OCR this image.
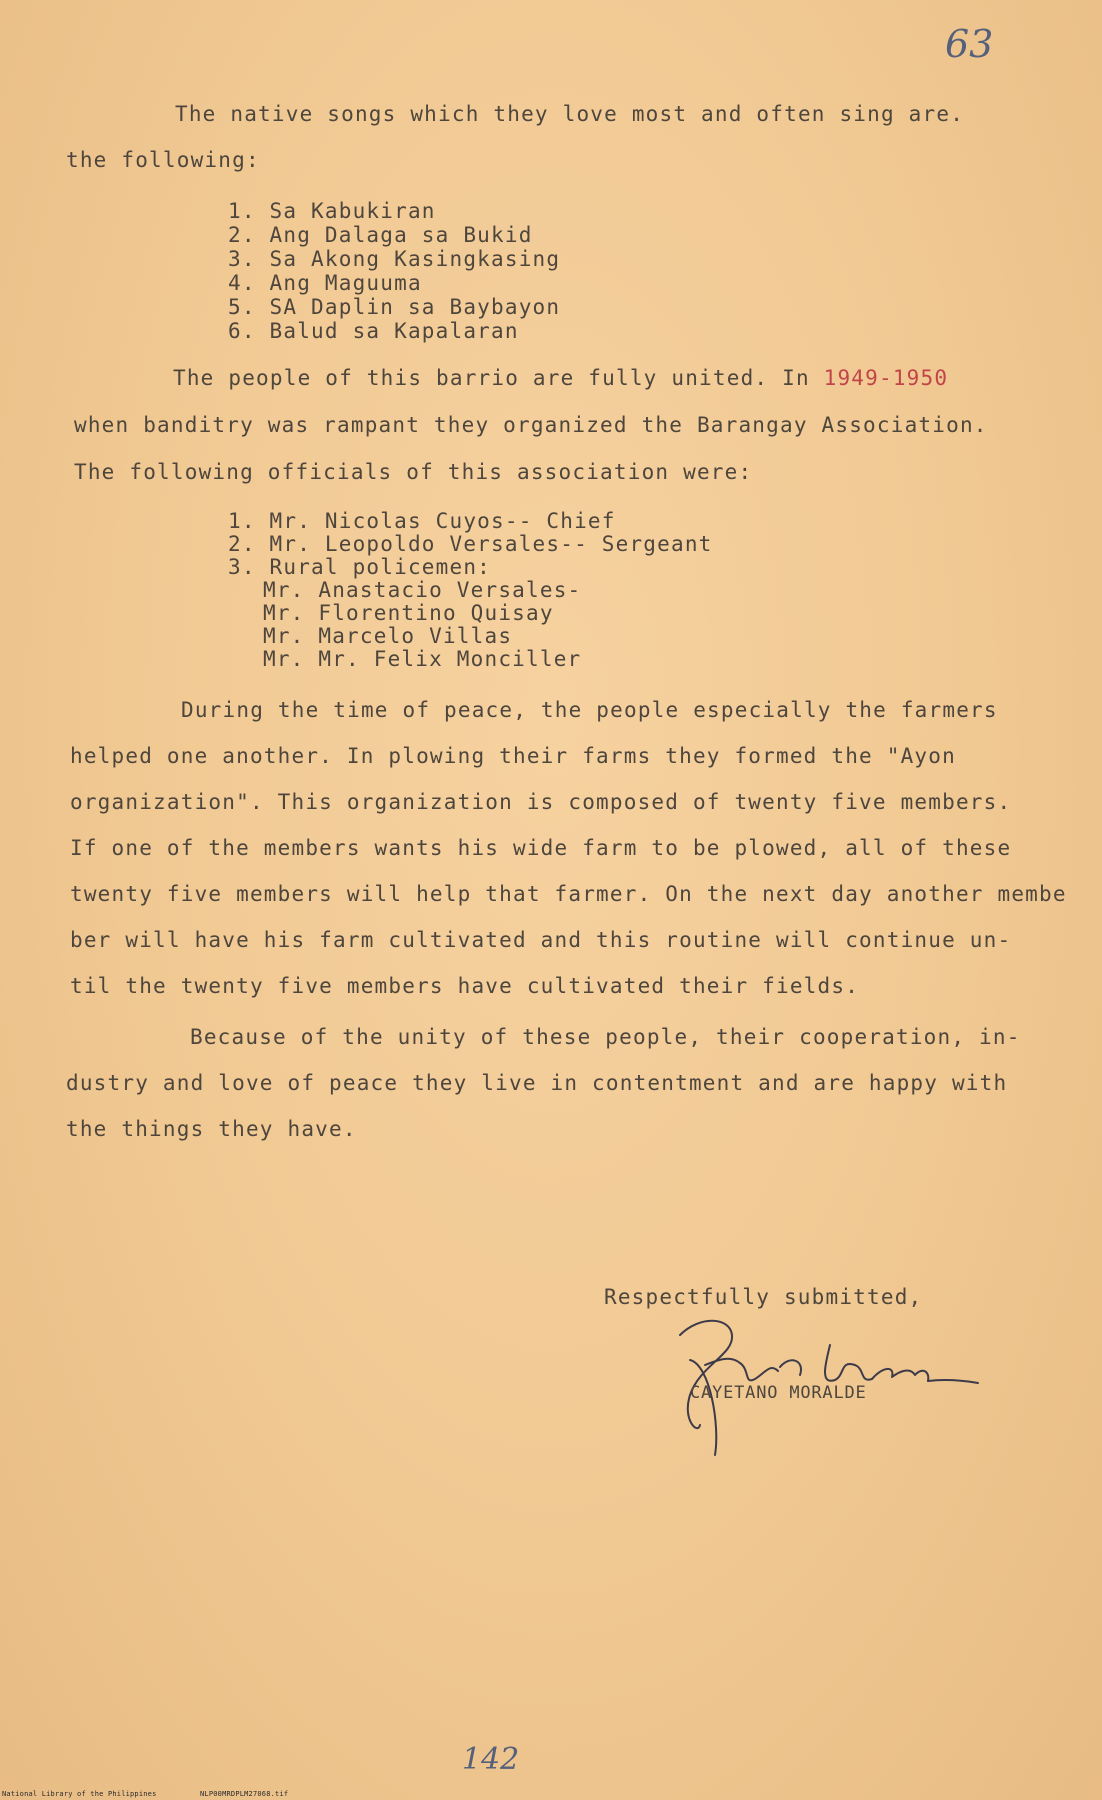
63
The native songs which they love most and often sing are.
the following:
1. Sa Kabukiran
2. Ang Dalaga sa Bukid
3. Sa Akong Kasingkasing
4. Ang Maguuma
5. SA Daplin sa Baybayon
6. Balud sa Kapalaran
The people of this barrio are fully united. In 1949-1950
when banditry was rampant they organized the Barangay Association.
The following officials of this association were:
1. Mr. Nicolas Cuyos-- Chief
2. Mr. Leopoldo Versales-- Sergeant
3. Rural policemen:
Mr. Anastacio Versales-
Mr. Florentino Quisay
Mr. Marcelo Villas
Mr. Mr. Felix Monciller
During the time of peace, the people especially the farmers
helped one another. In plowing their farms they formed the "Ayon
organization". This organization is composed of twenty five members.
If one of the members wants his wide farm to be plowed, all of these
twenty five members will help that farmer. On the next day another membe
ber will have his farm cultivated and this routine will continue un-
til the twenty five members have cultivated their fields.
Because of the unity of these people, their cooperation, in-
dustry and love of peace they live in contentment and are happy with
the things they have.
Respectfully submitted,
CAYETANO MORALDE
142
National Library of the Philippines	NLP00MRDPLM27068.tif
